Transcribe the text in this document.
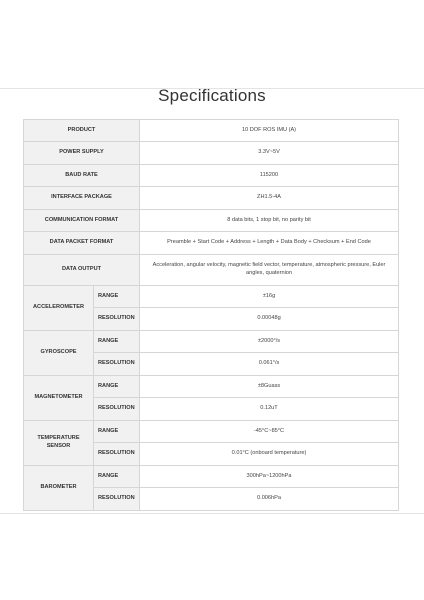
Specifications
PRODUCT		10 DOF ROS IMU (A)
POWER SUPPLY		3.3V~5V
BAUD RATE		115200
INTERFACE PACKAGE		ZH1.5-4A
COMMUNICATION FORMAT		8 data bits, 1 stop bit, no parity bit
DATA PACKET FORMAT		Preamble + Start Code + Address + Length + Data Body + Checksum + End Code
DATA OUTPUT		Acceleration, angular velocity, magnetic field vector, temperature, atmospheric pressure, Euler angles, quaternion
ACCELEROMETER	RANGE	±16g
	RESOLUTION	0.00048g
GYROSCOPE	RANGE	±2000°/s
	RESOLUTION	0.061°/s
MAGNETOMETER	RANGE	±8Guass
	RESOLUTION	0.12uT
TEMPERATURE SENSOR	RANGE	-45°C~85°C
	RESOLUTION	0.01°C (onboard temperature)
BAROMETER	RANGE	300hPa~1200hPa
	RESOLUTION	0.006hPa
